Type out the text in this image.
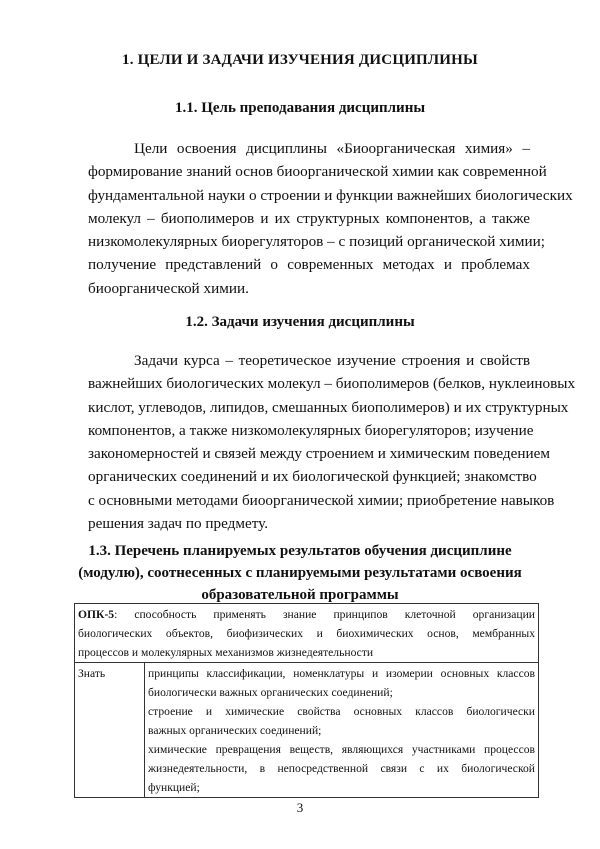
1. ЦЕЛИ И ЗАДАЧИ ИЗУЧЕНИЯ ДИСЦИПЛИНЫ
1.1. Цель преподавания дисциплины
Цели освоения дисциплины «Биоорганическая химия» –
формирование знаний основ биоорганической химии как современной
фундаментальной науки о строении и функции важнейших биологических
молекул – биополимеров и их структурных компонентов, а также
низкомолекулярных биорегуляторов – с позиций органической химии;
получение представлений о современных методах и проблемах
биоорганической химии.
1.2. Задачи изучения дисциплины
Задачи курса – теоретическое изучение строения и свойств
важнейших биологических молекул – биополимеров (белков, нуклеиновых
кислот, углеводов, липидов, смешанных биополимеров) и их структурных
компонентов, а также низкомолекулярных биорегуляторов; изучение
закономерностей и связей между строением и химическим поведением
органических соединений и их биологической функцией; знакомство
с основными методами биоорганической химии; приобретение навыков
решения задач по предмету.
1.3. Перечень планируемых результатов обучения дисциплине
(модулю), соотнесенных с планируемыми результатами освоения
образовательной программы
ОПК-5: способность применять знание принципов клеточной организации
биологических объектов, биофизических и биохимических основ, мембранных
процессов и молекулярных механизмов жизнедеятельности

Знать	принципы классификации, номенклатуры и изомерии основных классов
биологически важных органических соединений;
строение и химические свойства основных классов биологически
важных органических соединений;
химические превращения веществ, являющихся участниками процессов
жизнедеятельности, в непосредственной связи с их биологической
функцией;
3
